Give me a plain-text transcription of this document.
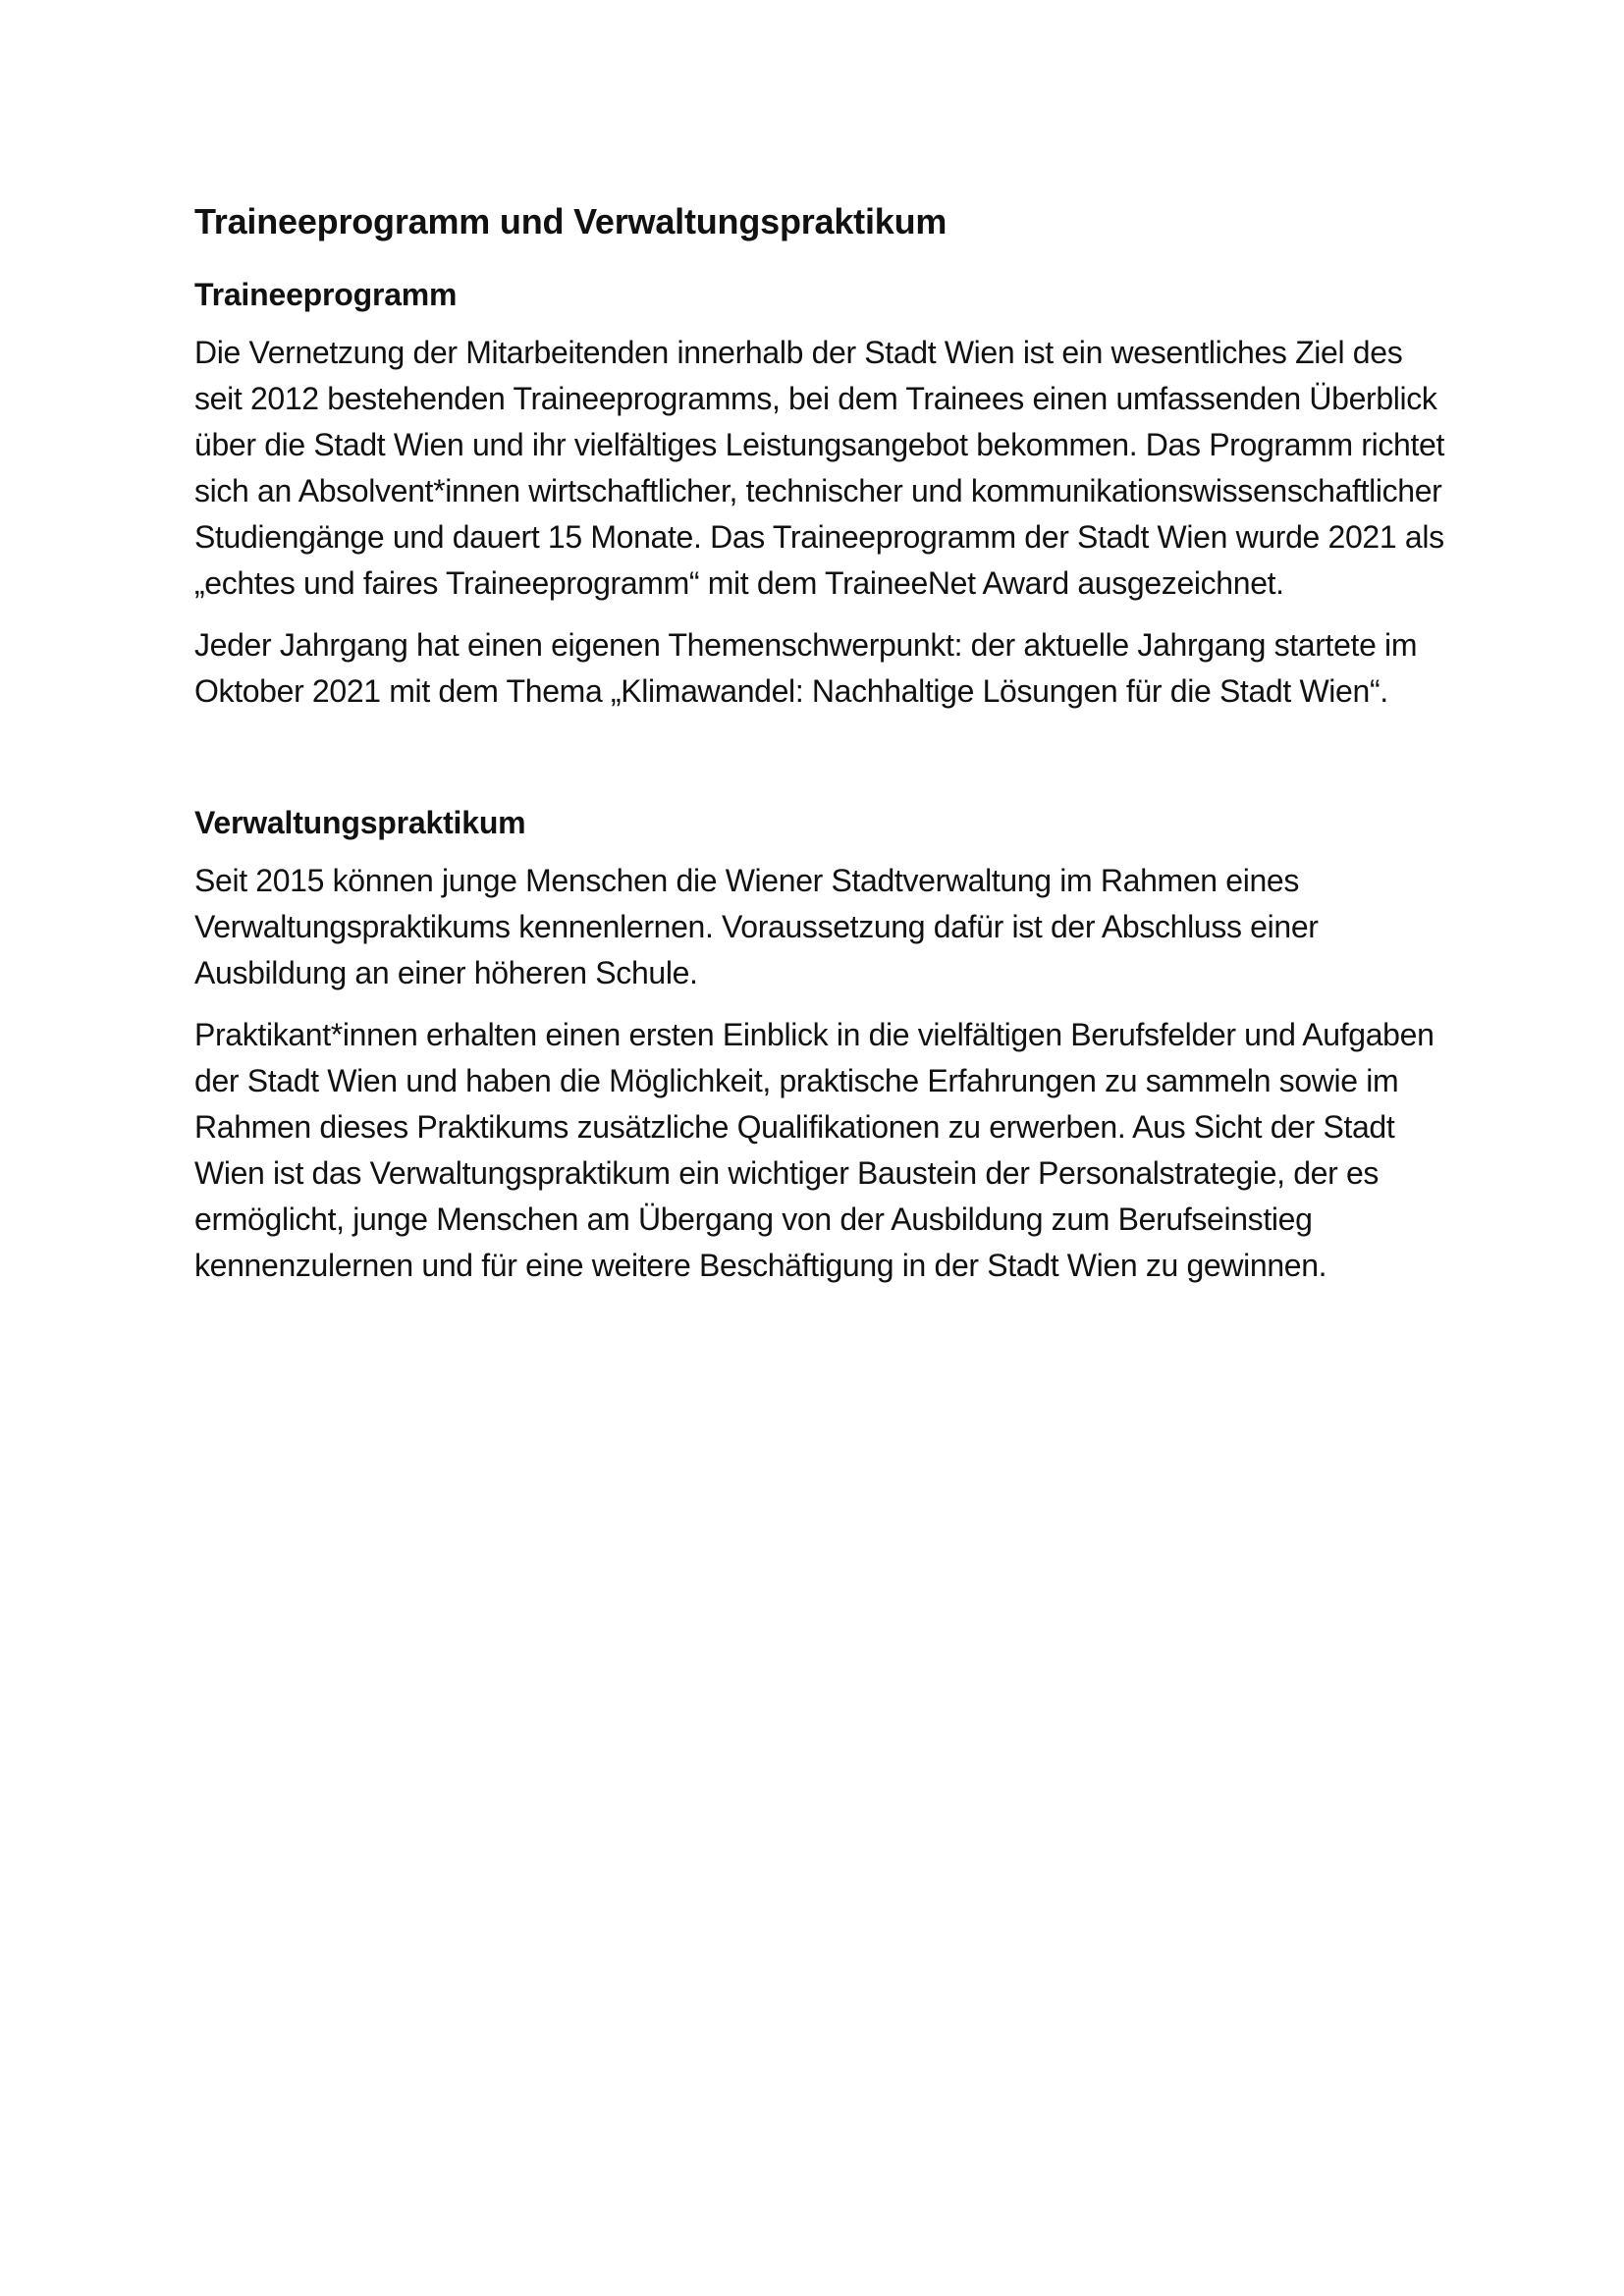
Traineeprogramm und Verwaltungspraktikum
Traineeprogramm

Die Vernetzung der Mitarbeitenden innerhalb der Stadt Wien ist ein wesentliches Ziel des seit 2012 bestehenden Traineeprogramms, bei dem Trainees einen umfassenden Überblick über die Stadt Wien und ihr vielfältiges Leistungsangebot bekommen. Das Programm richtet sich an Absolvent*innen wirtschaftlicher, technischer und kommunikationswissenschaftlicher Studiengänge und dauert 15 Monate. Das Traineeprogramm der Stadt Wien wurde 2021 als „echtes und faires Traineeprogramm“ mit dem TraineeNet Award ausgezeichnet.

Jeder Jahrgang hat einen eigenen Themenschwerpunkt: der aktuelle Jahrgang startete im Oktober 2021 mit dem Thema „Klimawandel: Nachhaltige Lösungen für die Stadt Wien“.

Verwaltungspraktikum

Seit 2015 können junge Menschen die Wiener Stadtverwaltung im Rahmen eines Verwaltungspraktikums kennenlernen. Voraussetzung dafür ist der Abschluss einer Ausbildung an einer höheren Schule.

Praktikant*innen erhalten einen ersten Einblick in die vielfältigen Berufsfelder und Aufgaben der Stadt Wien und haben die Möglichkeit, praktische Erfahrungen zu sammeln sowie im Rahmen dieses Praktikums zusätzliche Qualifikationen zu erwerben. Aus Sicht der Stadt Wien ist das Verwaltungspraktikum ein wichtiger Baustein der Personalstrategie, der es ermöglicht, junge Menschen am Übergang von der Ausbildung zum Berufseinstieg kennenzulernen und für eine weitere Beschäftigung in der Stadt Wien zu gewinnen.
